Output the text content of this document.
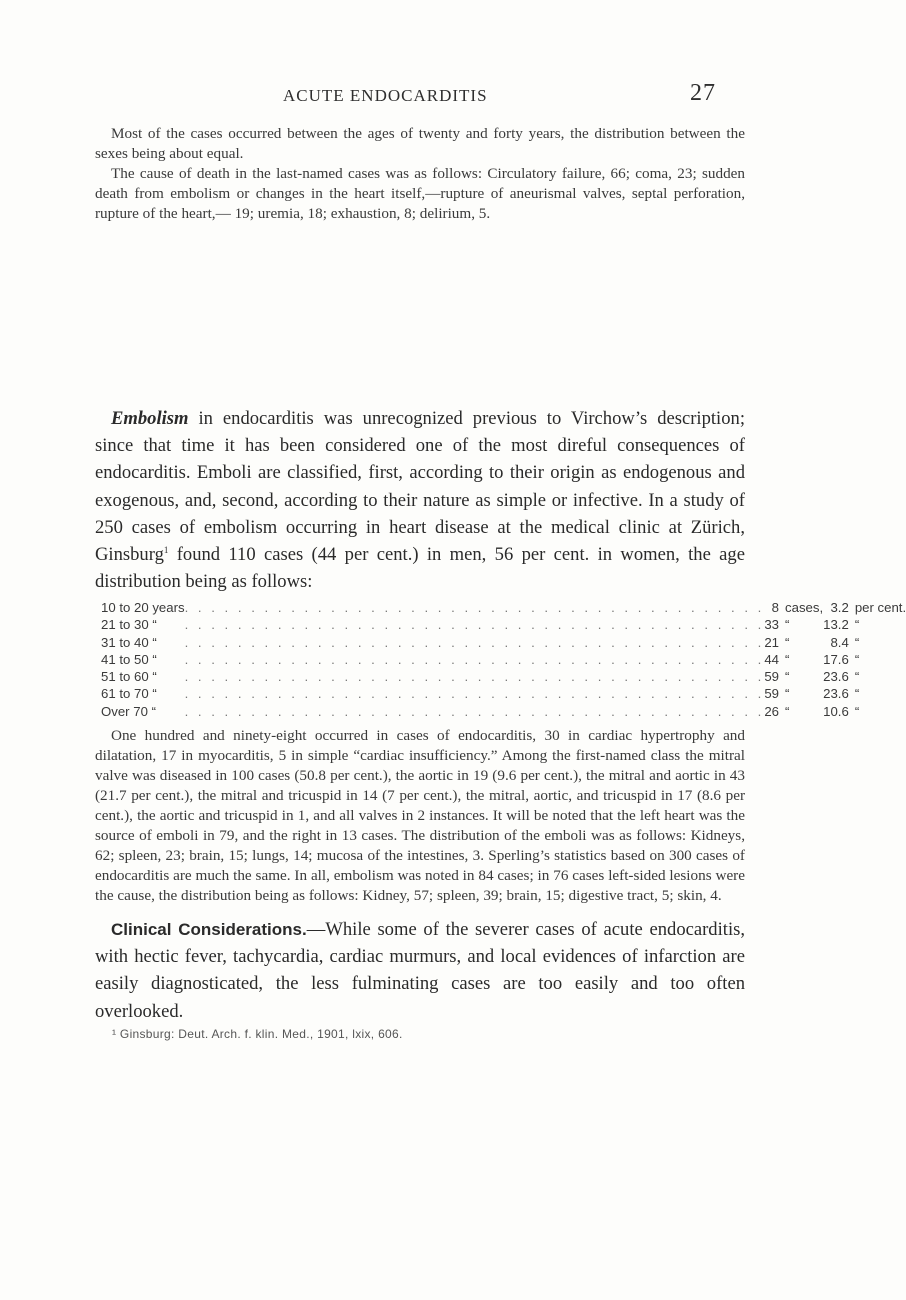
ACUTE ENDOCARDITIS	27

Most of the cases occurred between the ages of twenty and forty years, the distribution between the sexes being about equal.

The cause of death in the last-named cases was as follows: Circulatory failure, 66; coma, 23; sudden death from embolism or changes in the heart itself,—rupture of aneurismal valves, septal perforation, rupture of the heart,— 19; uremia, 18; exhaustion, 8; delirium, 5.

Embolism in endocarditis was unrecognized previous to Virchow’s description; since that time it has been considered one of the most direful consequences of endocarditis. Emboli are classified, first, according to their origin as endogenous and exogenous, and, second, according to their nature as simple or infective. In a study of 250 cases of embolism occurring in heart disease at the medical clinic at Zürich, Ginsburg$^1$ found 110 cases (44 per cent.) in men, 56 per cent. in women, the age distribution being as follows:

10 to 20 years	. . . . . . . . . . . . . . . . . . . . . . . . . . . . . . . . . . . . . . . . . . . .	8	cases,	3.2	per cent.
21 to 30 “	. . . . . . . . . . . . . . . . . . . . . . . . . . . . . . . . . . . . . . . . . . . .	33	“	13.2	“
31 to 40 “	. . . . . . . . . . . . . . . . . . . . . . . . . . . . . . . . . . . . . . . . . . . .	21	“	8.4	“
41 to 50 “	. . . . . . . . . . . . . . . . . . . . . . . . . . . . . . . . . . . . . . . . . . . .	44	“	17.6	“
51 to 60 “	. . . . . . . . . . . . . . . . . . . . . . . . . . . . . . . . . . . . . . . . . . . .	59	“	23.6	“
61 to 70 “	. . . . . . . . . . . . . . . . . . . . . . . . . . . . . . . . . . . . . . . . . . . .	59	“	23.6	“
Over 70 “	. . . . . . . . . . . . . . . . . . . . . . . . . . . . . . . . . . . . . . . . . . . .	26	“	10.6	“

One hundred and ninety-eight occurred in cases of endocarditis, 30 in cardiac hypertrophy and dilatation, 17 in myocarditis, 5 in simple “cardiac insufficiency.” Among the first-named class the mitral valve was diseased in 100 cases (50.8 per cent.), the aortic in 19 (9.6 per cent.), the mitral and aortic in 43 (21.7 per cent.), the mitral and tricuspid in 14 (7 per cent.), the mitral, aortic, and tricuspid in 17 (8.6 per cent.), the aortic and tricuspid in 1, and all valves in 2 instances. It will be noted that the left heart was the source of emboli in 79, and the right in 13 cases. The distribution of the emboli was as follows: Kidneys, 62; spleen, 23; brain, 15; lungs, 14; mucosa of the intestines, 3. Sperling’s statistics based on 300 cases of endocarditis are much the same. In all, embolism was noted in 84 cases; in 76 cases left-sided lesions were the cause, the distribution being as follows: Kidney, 57; spleen, 39; brain, 15; digestive tract, 5; skin, 4.

Clinical Considerations.—While some of the severer cases of acute endocarditis, with hectic fever, tachycardia, cardiac murmurs, and local evidences of infarction are easily diagnosticated, the less fulminating cases are too easily and too often overlooked.

¹ Ginsburg: Deut. Arch. f. klin. Med., 1901, lxix, 606.
